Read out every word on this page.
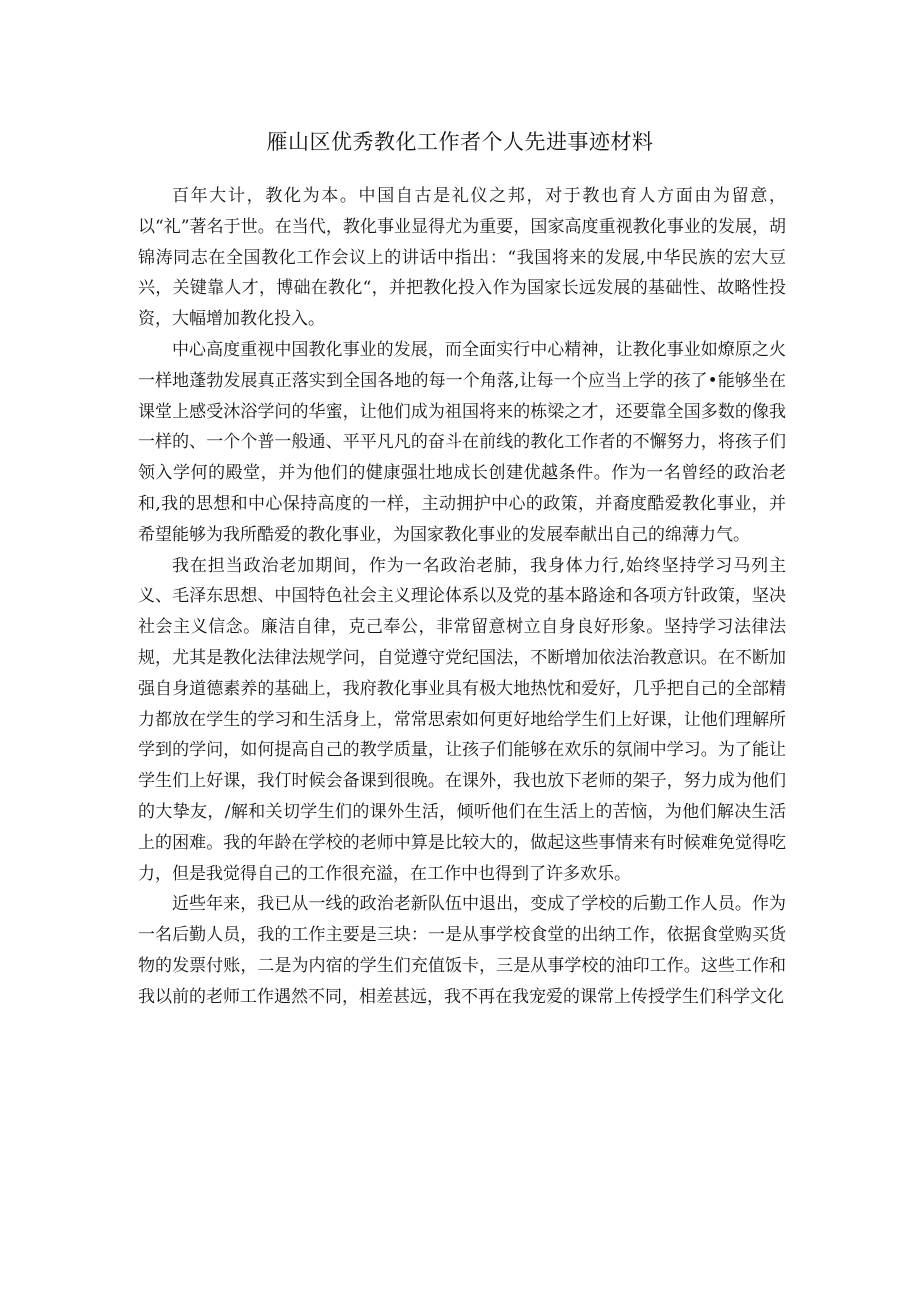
雁山区优秀教化工作者个人先进事迹材料

百年大计，教化为本。中国自古是礼仪之邦，对于教也育人方面由为留意，以“礼”著名于世。在当代，教化事业显得尤为重要，国家高度重视教化事业的发展，胡锦涛同志在全国教化工作会议上的讲话中指出：“我国将来的发展,中华民族的宏大豆兴，关键靠人才，博础在教化“，并把教化投入作为国家长远发展的基础性、故略性投资，大幅增加教化投入。

中心高度重视中国教化事业的发展，而全面实行中心精神，让教化事业如燎原之火一样地蓬勃发展真正落实到全国各地的每一个角落,让每一个应当上学的孩了•能够坐在课堂上感受沐浴学问的华蜜，让他们成为祖国将来的栋梁之才，还要靠全国多数的像我一样的、一个个普一般通、平平凡凡的奋斗在前线的教化工作者的不懈努力，将孩子们领入学何的殿堂，并为他们的健康强壮地成长创建优越条件。作为一名曾经的政治老和,我的思想和中心保持高度的一样，主动拥护中心的政策，并裔度酷爱教化事业，并希望能够为我所酷爱的教化事业，为国家教化事业的发展奉献出自己的绵薄力气。

我在担当政治老加期间，作为一名政治老肺，我身体力行,始终坚持学习马列主义、毛泽东思想、中国特色社会主义理论体系以及党的基本路途和各项方针政策，坚决社会主义信念。廉洁自律，克己奉公，非常留意树立自身良好形象。坚持学习法律法规，尤其是教化法律法规学问，自觉遵守党纪国法，不断增加依法治教意识。在不断加强自身道德素养的基础上，我府教化事业具有极大地热忱和爱好，几乎把自己的全部精力都放在学生的学习和生活身上，常常思索如何更好地给学生们上好课，让他们理解所学到的学问，如何提高自己的教学质量，让孩子们能够在欢乐的氛闹中学习。为了能让学生们上好课，我仃时候会备课到很晚。在课外，我也放下老师的架子，努力成为他们的大挚友，/解和关切学生们的课外生活，倾听他们在生活上的苦恼，为他们解决生活上的困难。我的年龄在学校的老师中算是比较大的，做起这些事情来有时候难免觉得吃力，但是我觉得自己的工作很充溢，在工作中也得到了许多欢乐。

近些年来，我已从一线的政治老新队伍中退出，变成了学校的后勤工作人员。作为一名后勤人员，我的工作主要是三块：一是从事学校食堂的出纳工作，依据食堂购买货物的发票付账，二是为内宿的学生们充值饭卡，三是从事学校的油印工作。这些工作和我以前的老师工作遇然不同，相差甚远，我不再在我宠爱的课常上传授学生们科学文化
